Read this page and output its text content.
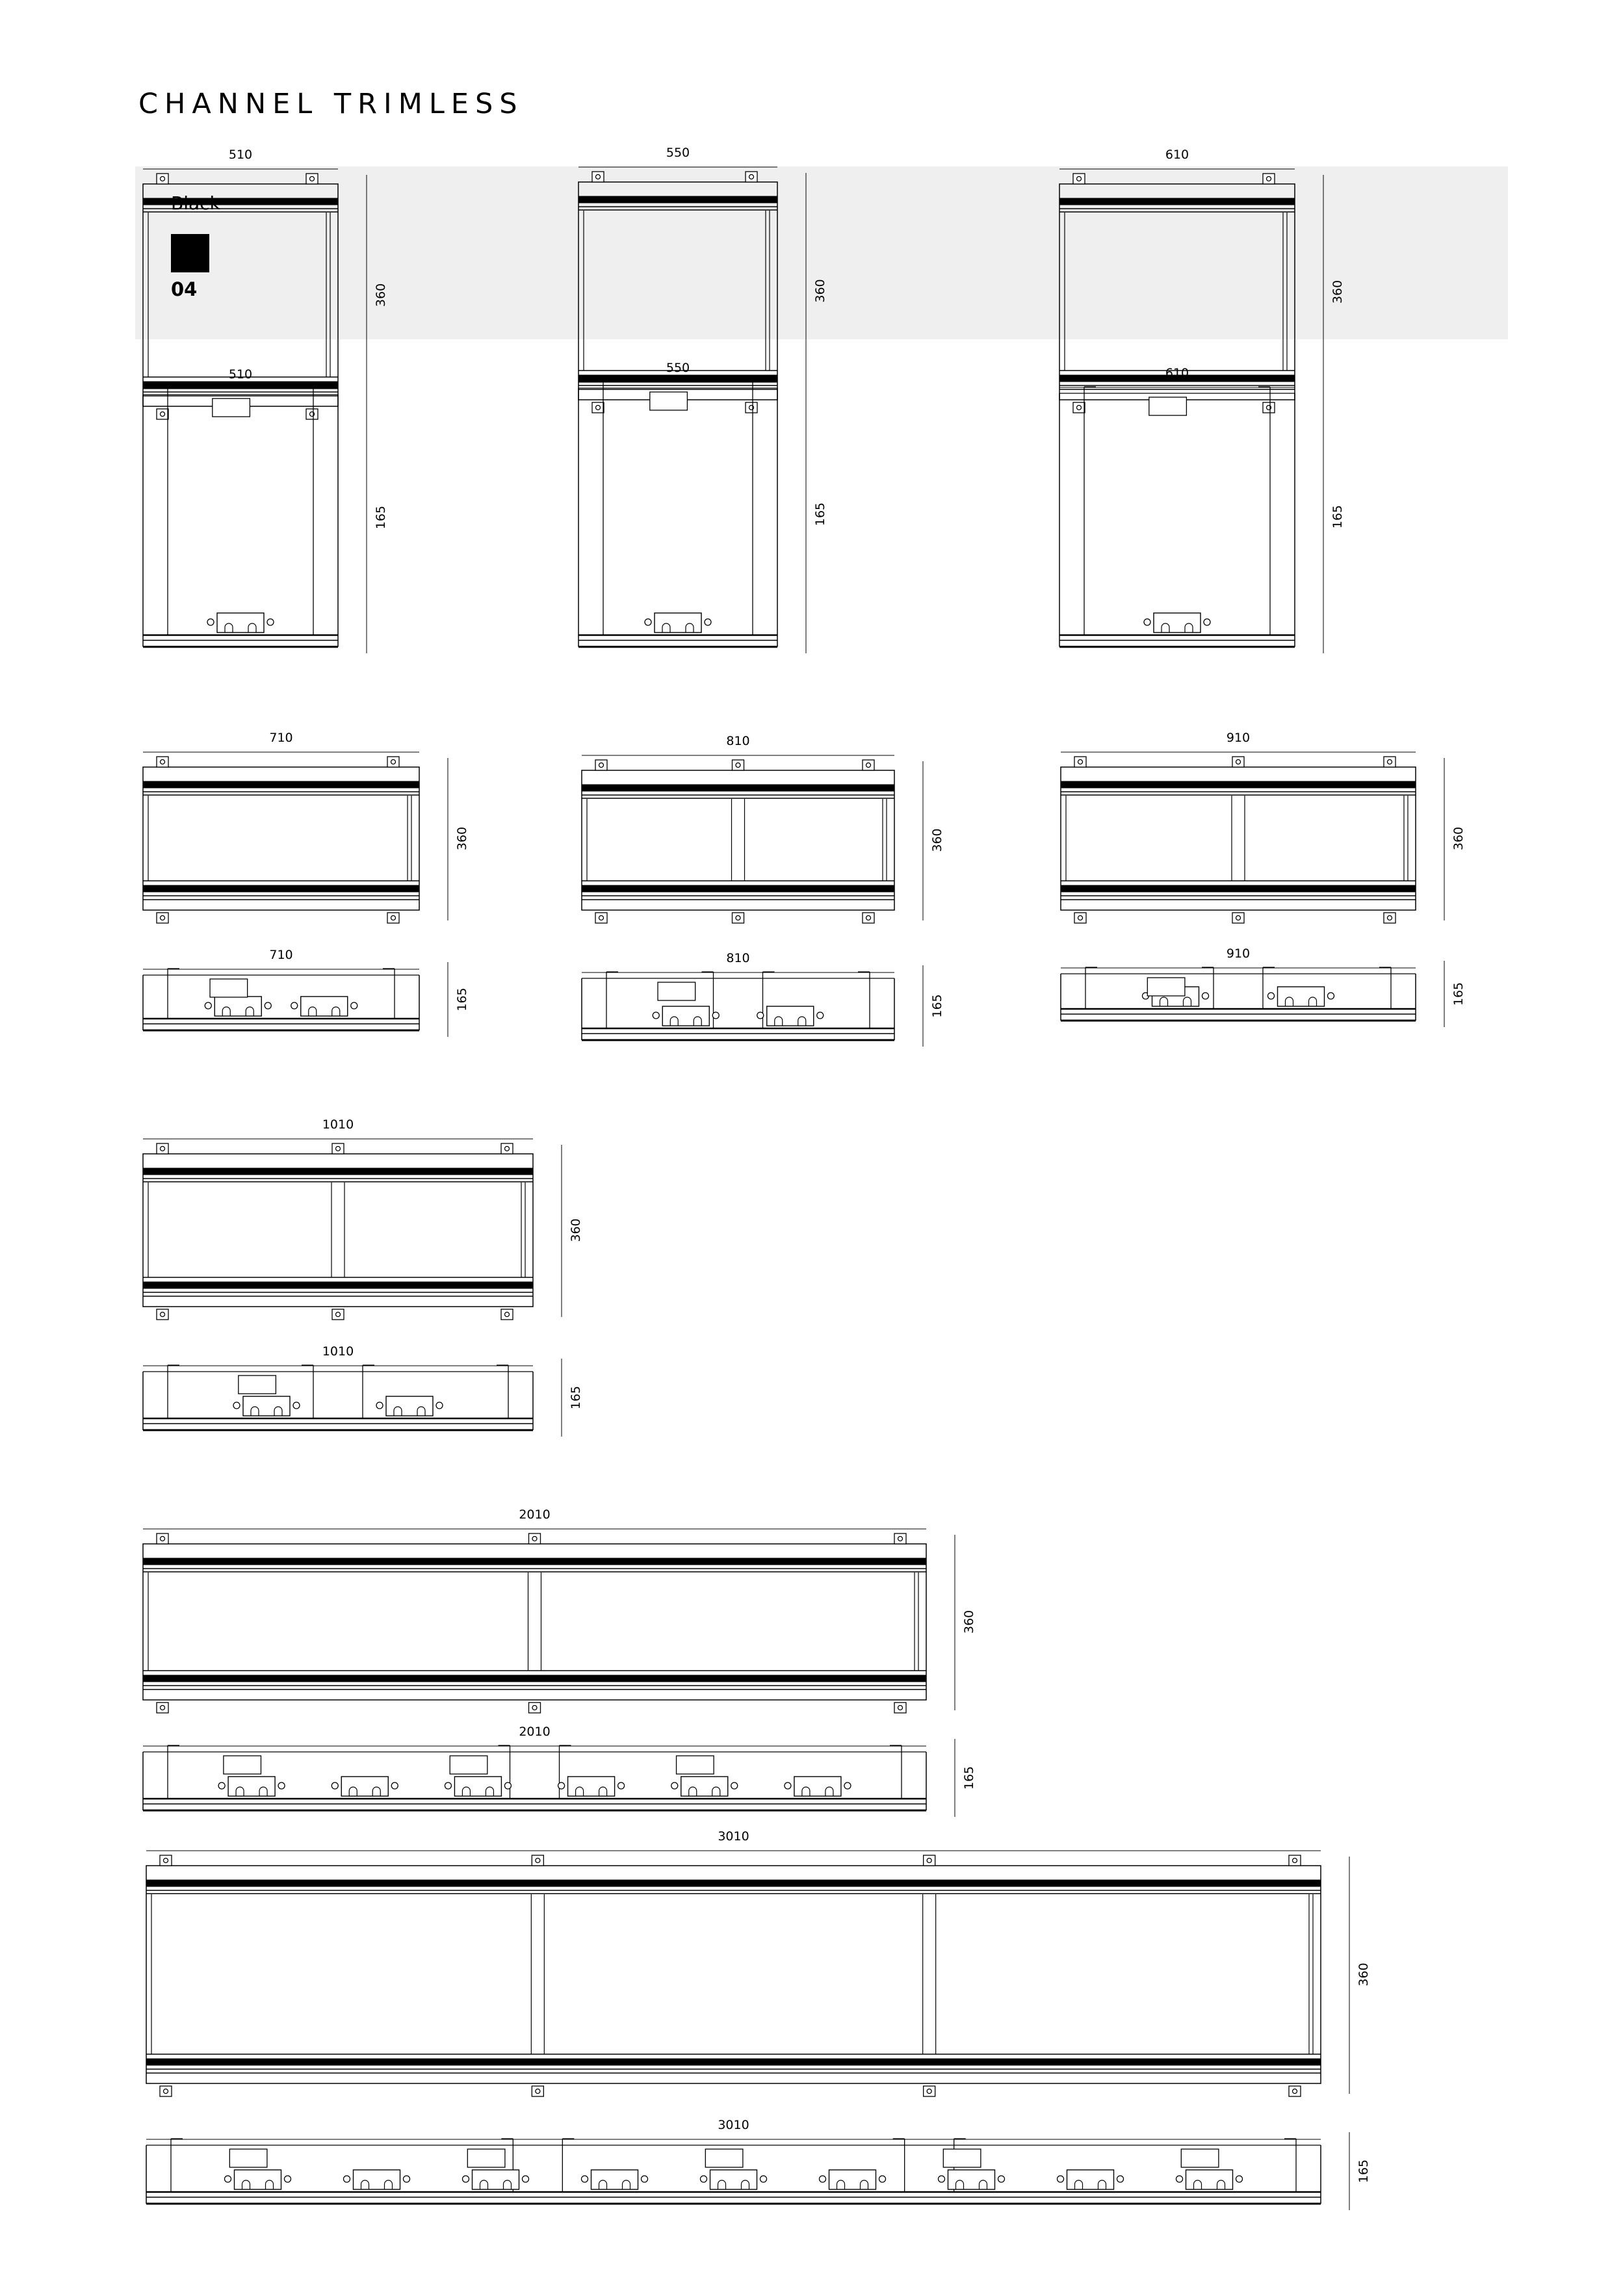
CHANNEL TRIMLESS
04
510
360
510
165
550
360
550
165
610
360
610
165
710
360
710
165
810
360
810
165
910
360
910
165
1010
360
1010
165
2010
360
2010
165
3010
360
3010
165
